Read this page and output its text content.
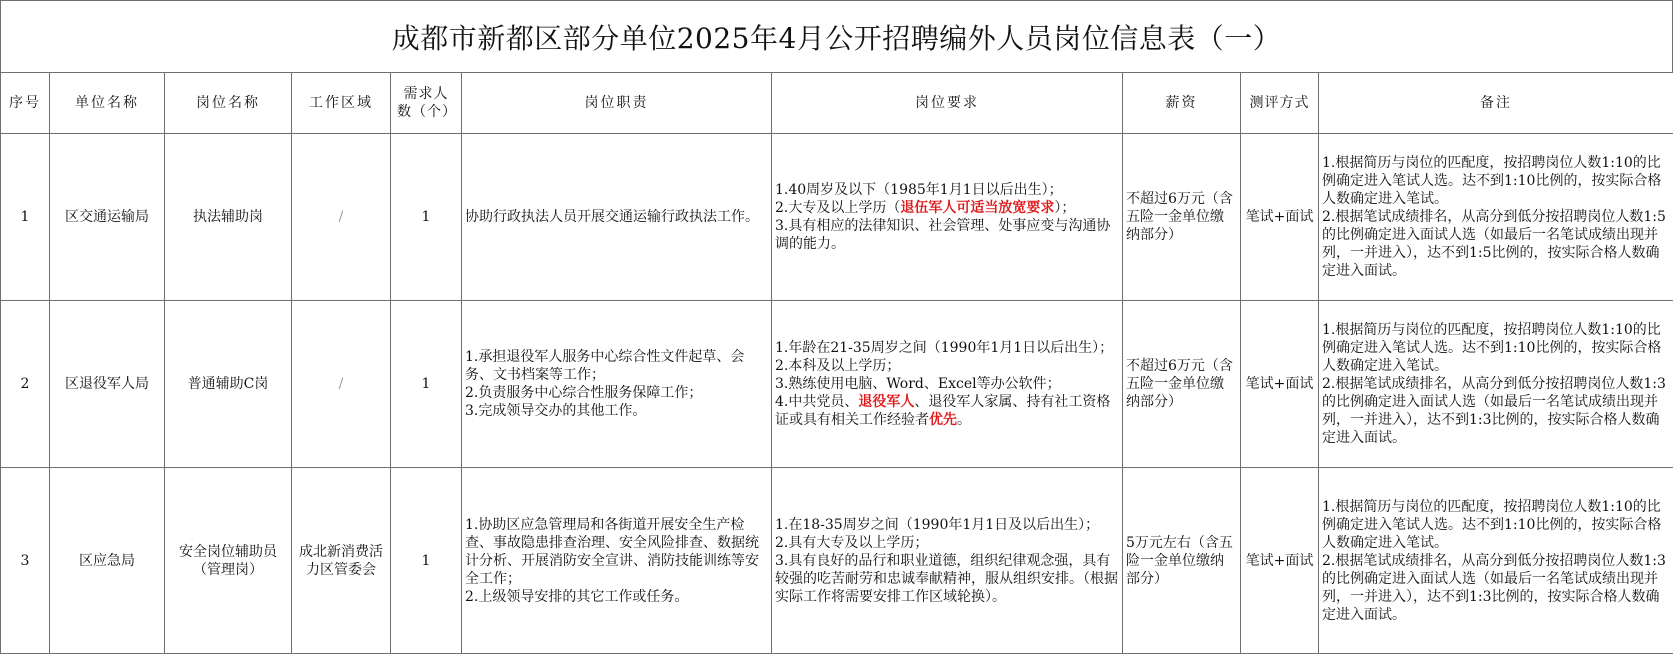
成都市新都区部分单位2025年4月公开招聘编外人员岗位信息表（一）
序号	单位名称	岗位名称	工作区域	需求人数（个）	岗位职责	岗位要求	薪资	测评方式	备注
1	区交通运输局	执法辅助岗	/	1	协助行政执法人员开展交通运输行政执法工作。	1.40周岁及以下（1985年1月1日以后出生）；
2.大专及以上学历（退伍军人可适当放宽要求）；
3.具有相应的法律知识、社会管理、处事应变与沟通协调的能力。	不超过6万元（含五险一金单位缴纳部分）	笔试+面试	1.根据简历与岗位的匹配度，按招聘岗位人数1:10的比例确定进入笔试人选。达不到1:10比例的，按实际合格人数确定进入笔试。
2.根据笔试成绩排名，从高分到低分按招聘岗位人数1:5的比例确定进入面试人选（如最后一名笔试成绩出现并列，一并进入），达不到1:5比例的，按实际合格人数确定进入面试。

2	区退役军人局	普通辅助C岗	/	1	1.承担退役军人服务中心综合性文件起草、会务、文书档案等工作；
2.负责服务中心综合性服务保障工作；
3.完成领导交办的其他工作。	1.年龄在21-35周岁之间（1990年1月1日以后出生）；
2.本科及以上学历；
3.熟练使用电脑、Word、Excel等办公软件；
4.中共党员、退役军人、退役军人家属、持有社工资格证或具有相关工作经验者优先。	不超过6万元（含五险一金单位缴纳部分）	笔试+面试	1.根据简历与岗位的匹配度，按招聘岗位人数1:10的比例确定进入笔试人选。达不到1:10比例的，按实际合格人数确定进入笔试。
2.根据笔试成绩排名，从高分到低分按招聘岗位人数1:3的比例确定进入面试人选（如最后一名笔试成绩出现并列，一并进入），达不到1:3比例的，按实际合格人数确定进入面试。

3	区应急局	安全岗位辅助员（管理岗）	成北新消费活力区管委会	1	1.协助区应急管理局和各街道开展安全生产检查、事故隐患排查治理、安全风险排查、数据统计分析、开展消防安全宣讲、消防技能训练等安全工作；
2.上级领导安排的其它工作或任务。	1.在18-35周岁之间（1990年1月1日及以后出生）；
2.具有大专及以上学历；
3.具有良好的品行和职业道德，组织纪律观念强，具有较强的吃苦耐劳和忠诚奉献精神，服从组织安排。（根据实际工作将需要安排工作区域轮换）。	5万元左右（含五险一金单位缴纳部分）	笔试+面试	1.根据简历与岗位的匹配度，按招聘岗位人数1:10的比例确定进入笔试人选。达不到1:10比例的，按实际合格人数确定进入笔试。
2.根据笔试成绩排名，从高分到低分按招聘岗位人数1:3的比例确定进入面试人选（如最后一名笔试成绩出现并列，一并进入），达不到1:3比例的，按实际合格人数确定进入面试。
